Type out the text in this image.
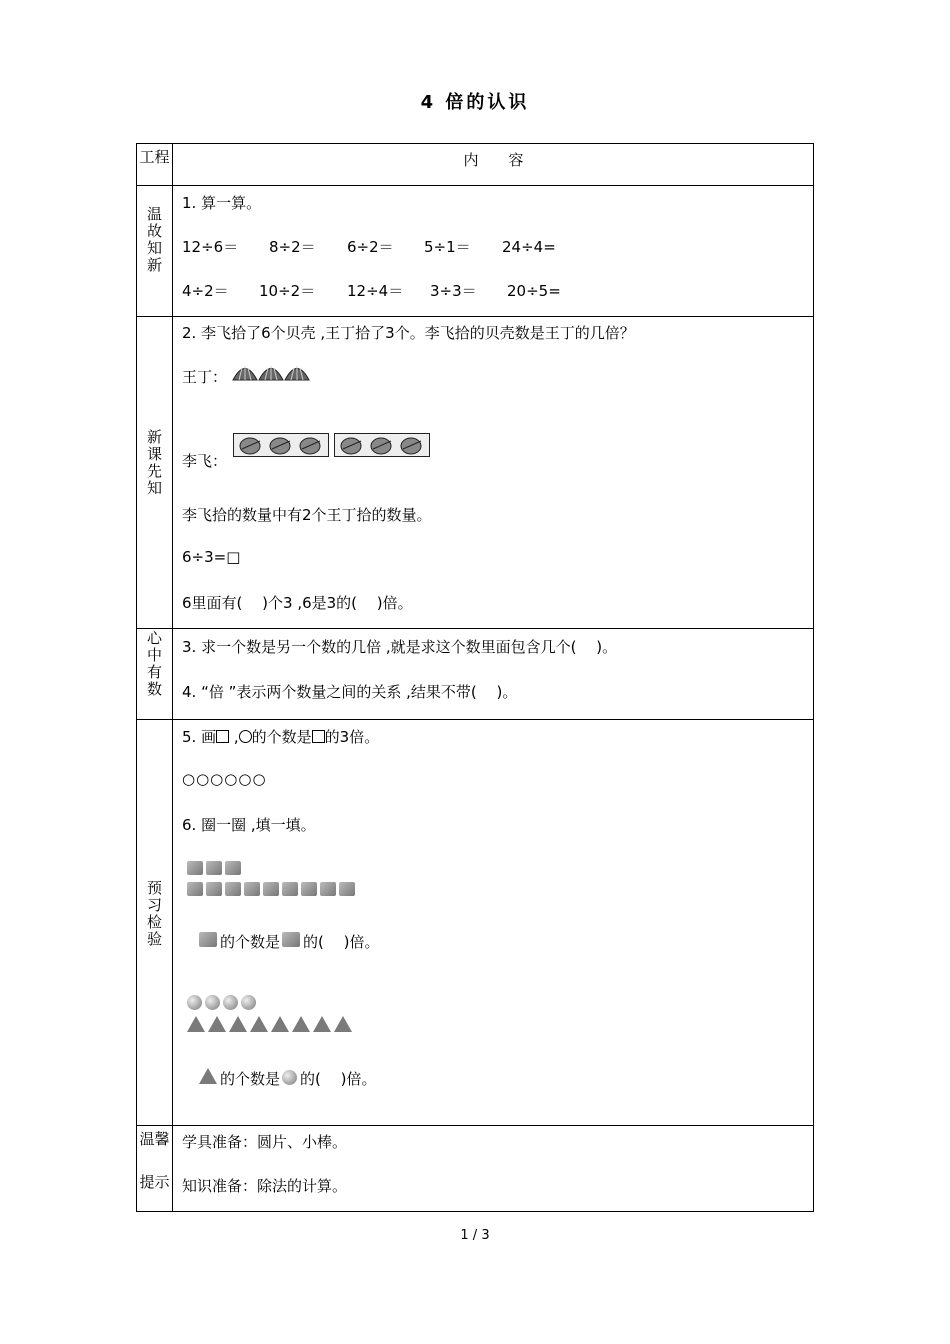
4 倍的认识
工程	内　　容
温故知新
1. 算一算。
12÷6＝ 8÷2＝ 6÷2＝ 5÷1＝ 24÷4=
4÷2＝ 10÷2＝ 12÷4＝ 3÷3＝ 20÷5=
新课先知
2. 李飞拾了6个贝壳 ,王丁拾了3个。李飞拾的贝壳数是王丁的几倍？
王丁：

李飞：
李飞拾的数量中有2个王丁拾的数量。
6÷3=□
6里面有(　 )个3 ,6是3的(　 )倍。
心中有数
3. 求一个数是另一个数的几倍 ,就是求这个数里面包含几个(　 )。
4. “倍 ”表示两个数量之间的关系 ,结果不带(　 )。
预习检验
5. 画 , 的个数是 的3倍。
○○○○○○
6. 圈一圈 ,填一填。
的个数是 的(　 )倍。
的个数是 的(　 )倍。
温馨
提示
学具准备：圆片、小棒。
知识准备：除法的计算。
1 / 3
